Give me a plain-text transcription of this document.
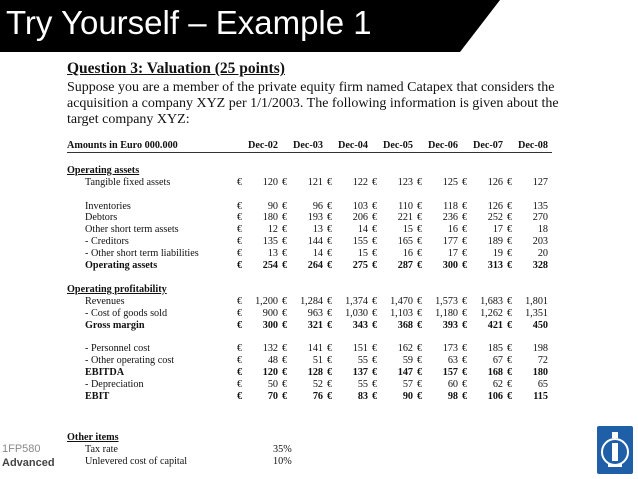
Try Yourself – Example 1
Question 3: Valuation (25 points)
Suppose you are a member of the private equity firm named Catapex that considers the acquisition a company XYZ per 1/1/2003. The following information is given about the target company XYZ:
Amounts in Euro 000.000		Dec-02		Dec-03		Dec-04		Dec-05		Dec-06		Dec-07		Dec-08

Operating assets														
Tangible fixed assets	€	120	€	121	€	122	€	123	€	125	€	126	€	127

Inventories	€	90	€	96	€	103	€	110	€	118	€	126	€	135
Debtors	€	180	€	193	€	206	€	221	€	236	€	252	€	270
Other short term assets	€	12	€	13	€	14	€	15	€	16	€	17	€	18
- Creditors	€	135	€	144	€	155	€	165	€	177	€	189	€	203
- Other short term liabilities	€	13	€	14	€	15	€	16	€	17	€	19	€	20
Operating assets	€	254	€	264	€	275	€	287	€	300	€	313	€	328

Operating profitability														
Revenues	€	1,200	€	1,284	€	1,374	€	1,470	€	1,573	€	1,683	€	1,801
- Cost of goods sold	€	900	€	963	€	1,030	€	1,103	€	1,180	€	1,262	€	1,351
Gross margin	€	300	€	321	€	343	€	368	€	393	€	421	€	450

- Personnel cost	€	132	€	141	€	151	€	162	€	173	€	185	€	198
- Other operating cost	€	48	€	51	€	55	€	59	€	63	€	67	€	72
EBITDA	€	120	€	128	€	137	€	147	€	157	€	168	€	180
- Depreciation	€	50	€	52	€	55	€	57	€	60	€	62	€	65
EBIT	€	70	€	76	€	83	€	90	€	98	€	106	€	115
Other items	
Tax rate	35%
Unlevered cost of capital	10%
1FP580
Advanced
